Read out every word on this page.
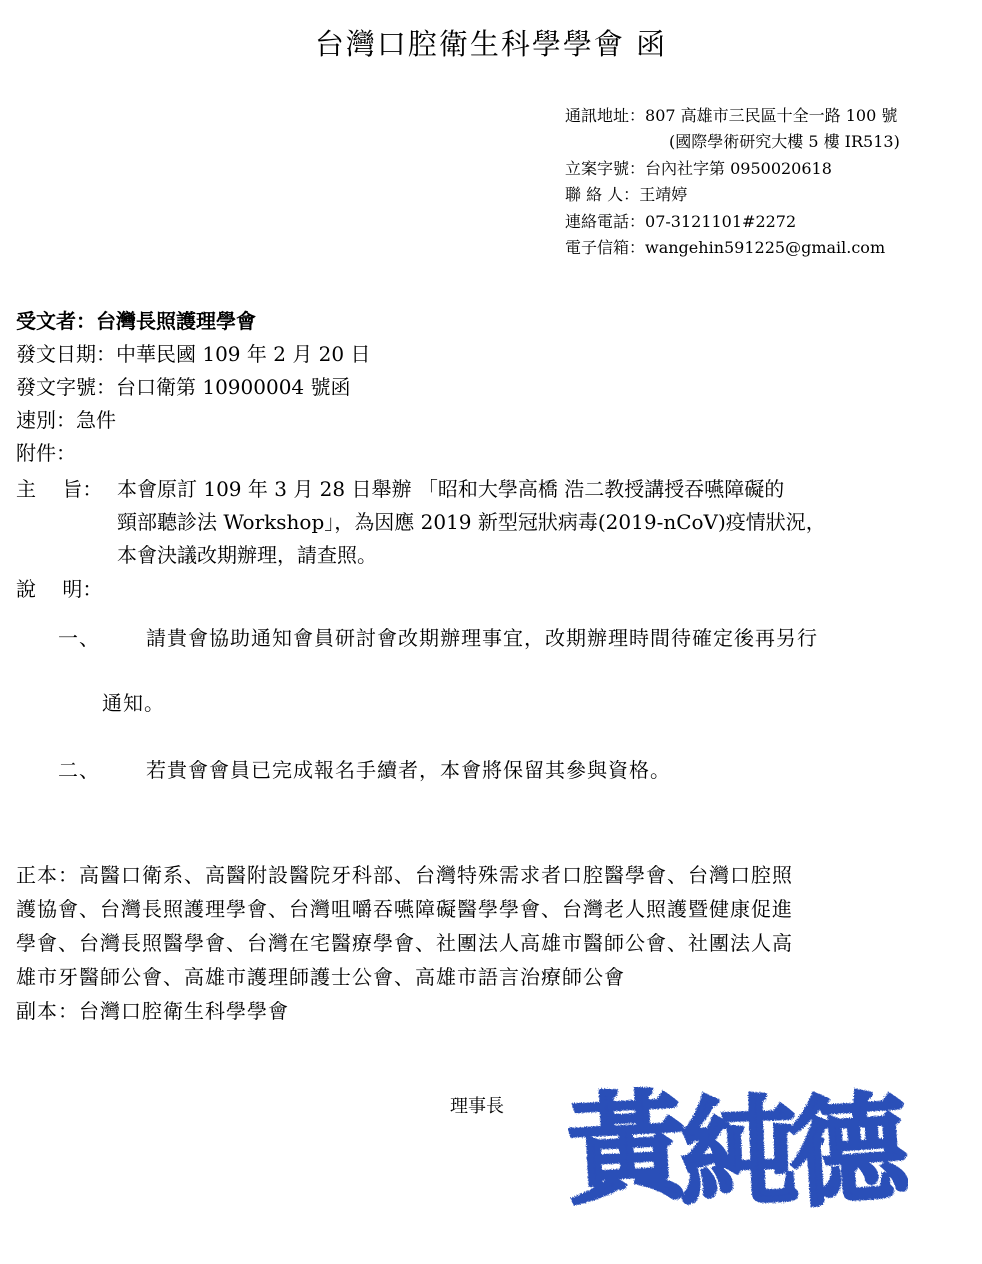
台灣口腔衛生科學學會 函
通訊地址：807 高雄市三民區十全一路 100 號
(國際學術研究大樓 5 樓 IR513)
立案字號：台內社字第 0950020618
聯 絡 人：王靖婷
連絡電話：07-3121101#2272
電子信箱：wangehin591225@gmail.com
受文者：台灣長照護理學會
發文日期：中華民國 109 年 2 月 20 日
發文字號：台口衛第 10900004 號函
速別：急件
附件：
主　 旨： 本會原訂 109 年 3 月 28 日舉辦 「昭和大學高橋 浩二教授講授吞嚥障礙的
頸部聽診法 Workshop」，為因應 2019 新型冠狀病毒(2019-nCoV)疫情狀況，
本會決議改期辦理，請查照。
說　 明：
一、 請貴會協助通知會員研討會改期辦理事宜，改期辦理時間待確定後再另行
通知。
二、 若貴會會員已完成報名手續者，本會將保留其參與資格。
正本：高醫口衛系、高醫附設醫院牙科部、台灣特殊需求者口腔醫學會、台灣口腔照
護協會、台灣長照護理學會、台灣咀嚼吞嚥障礙醫學學會、台灣老人照護暨健康促進
學會、台灣長照醫學會、台灣在宅醫療學會、社團法人高雄市醫師公會、社團法人高
雄市牙醫師公會、高雄市護理師護士公會、高雄市語言治療師公會
副本：台灣口腔衛生科學學會
理事長 黃
純
德
